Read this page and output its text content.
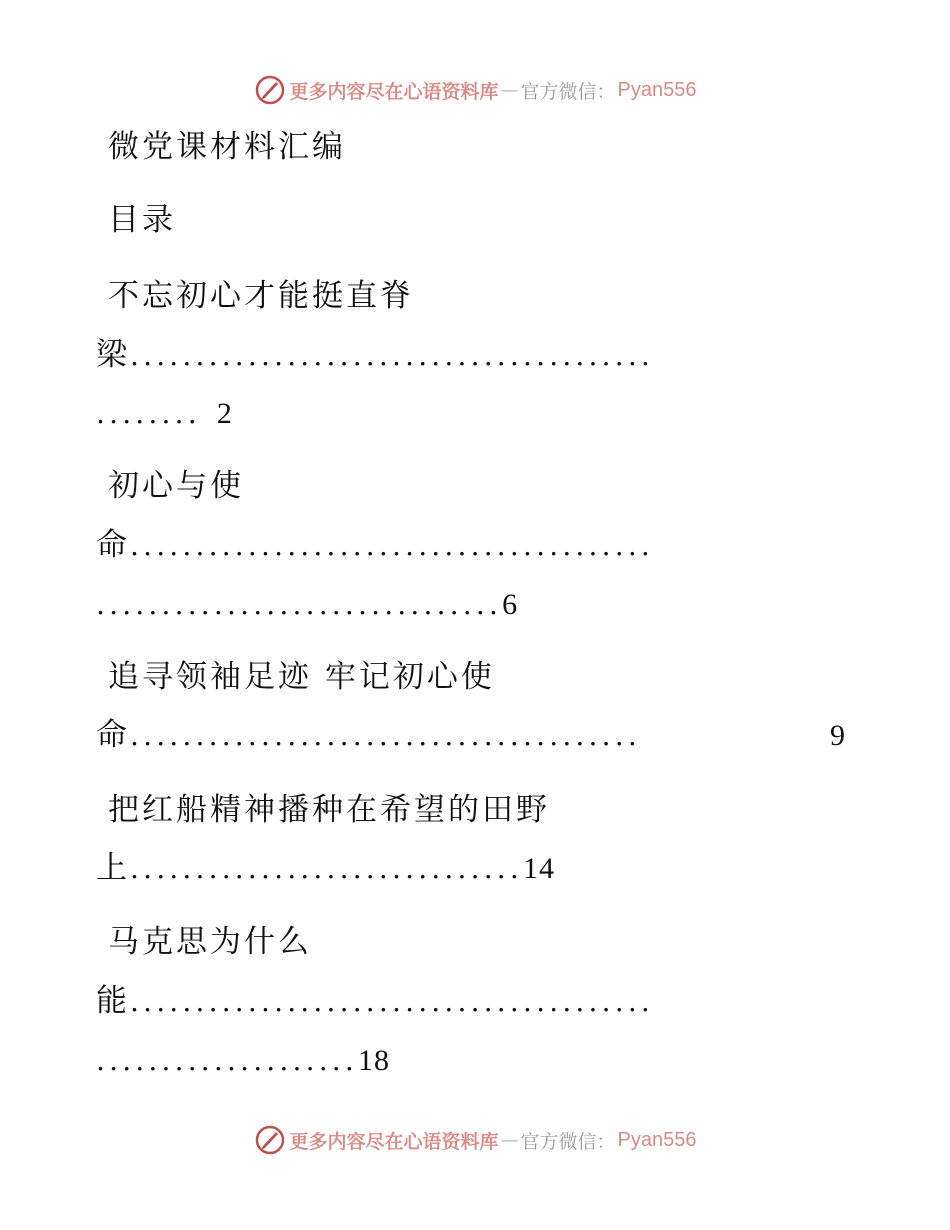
更多内容尽在心语资料库 — 官方微信： Pyan556
微党课材料汇编
目录
不忘初心才能挺直脊
梁........................................
........ 2
初心与使
命........................................
...............................6
追寻领袖足迹 牢记初心使
命.......................................	9
把红船精神播种在希望的田野
上..............................14
马克思为什么
能........................................
....................18
更多内容尽在心语资料库 — 官方微信： Pyan556
